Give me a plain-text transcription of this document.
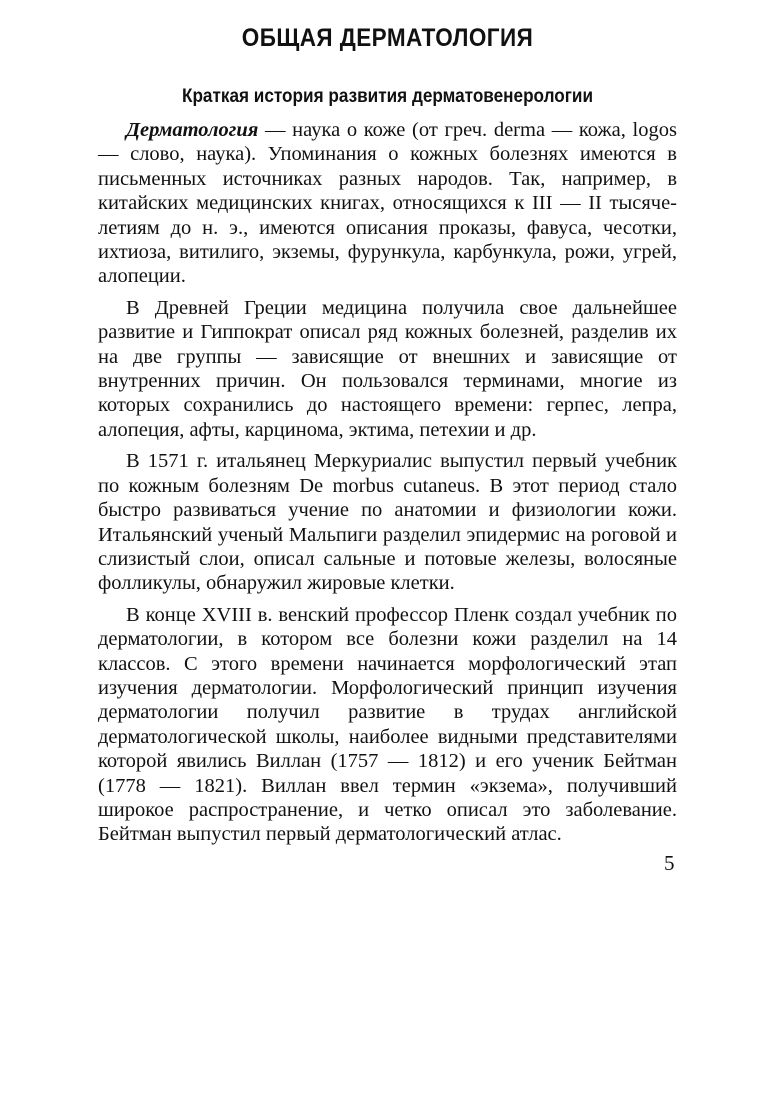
ОБЩАЯ ДЕРМАТОЛОГИЯ
Краткая история развития дерматовенерологии

Дерматология — наука о коже (от греч. derma — кожа, logos — слово, наука). Упоминания о кожных болезнях имеются в письменных источниках разных народов. Так, например, в китайских медицинских книгах, относящихся к III — II тысячелетиям до н. э., имеются описания проказы, фавуса, чесотки, ихтиоза, витилиго, экземы, фурункула, карбункула, рожи, угрей, алопеции.

В Древней Греции медицина получила свое дальнейшее развитие и Гиппократ описал ряд кожных болезней, разделив их на две группы — зависящие от внешних и зависящие от внутренних причин. Он пользовался терминами, многие из которых сохранились до настоящего времени: герпес, лепра, алопеция, афты, карцинома, эктима, петехии и др.

В 1571 г. итальянец Меркуриалис выпустил первый учебник по кожным болезням De morbus cutaneus. В этот период стало быстро развиваться учение по анатомии и физиологии кожи. Итальянский ученый Мальпиги разделил эпидермис на роговой и слизистый слои, описал сальные и потовые железы, волосяные фолликулы, обнаружил жировые клетки.

В конце XVIII в. венский профессор Пленк создал учебник по дерматологии, в котором все болезни кожи разделил на 14 классов. С этого времени начинается морфологический этап изучения дерматологии. Морфологический принцип изучения дерматологии получил развитие в трудах английской дерматологической школы, наиболее видными представителями которой явились Виллан (1757 — 1812) и его ученик Бейтман (1778 — 1821). Виллан ввел термин «экзема», получивший широкое распространение, и четко описал это заболевание. Бейтман выпустил первый дерматологический атлас.

5
